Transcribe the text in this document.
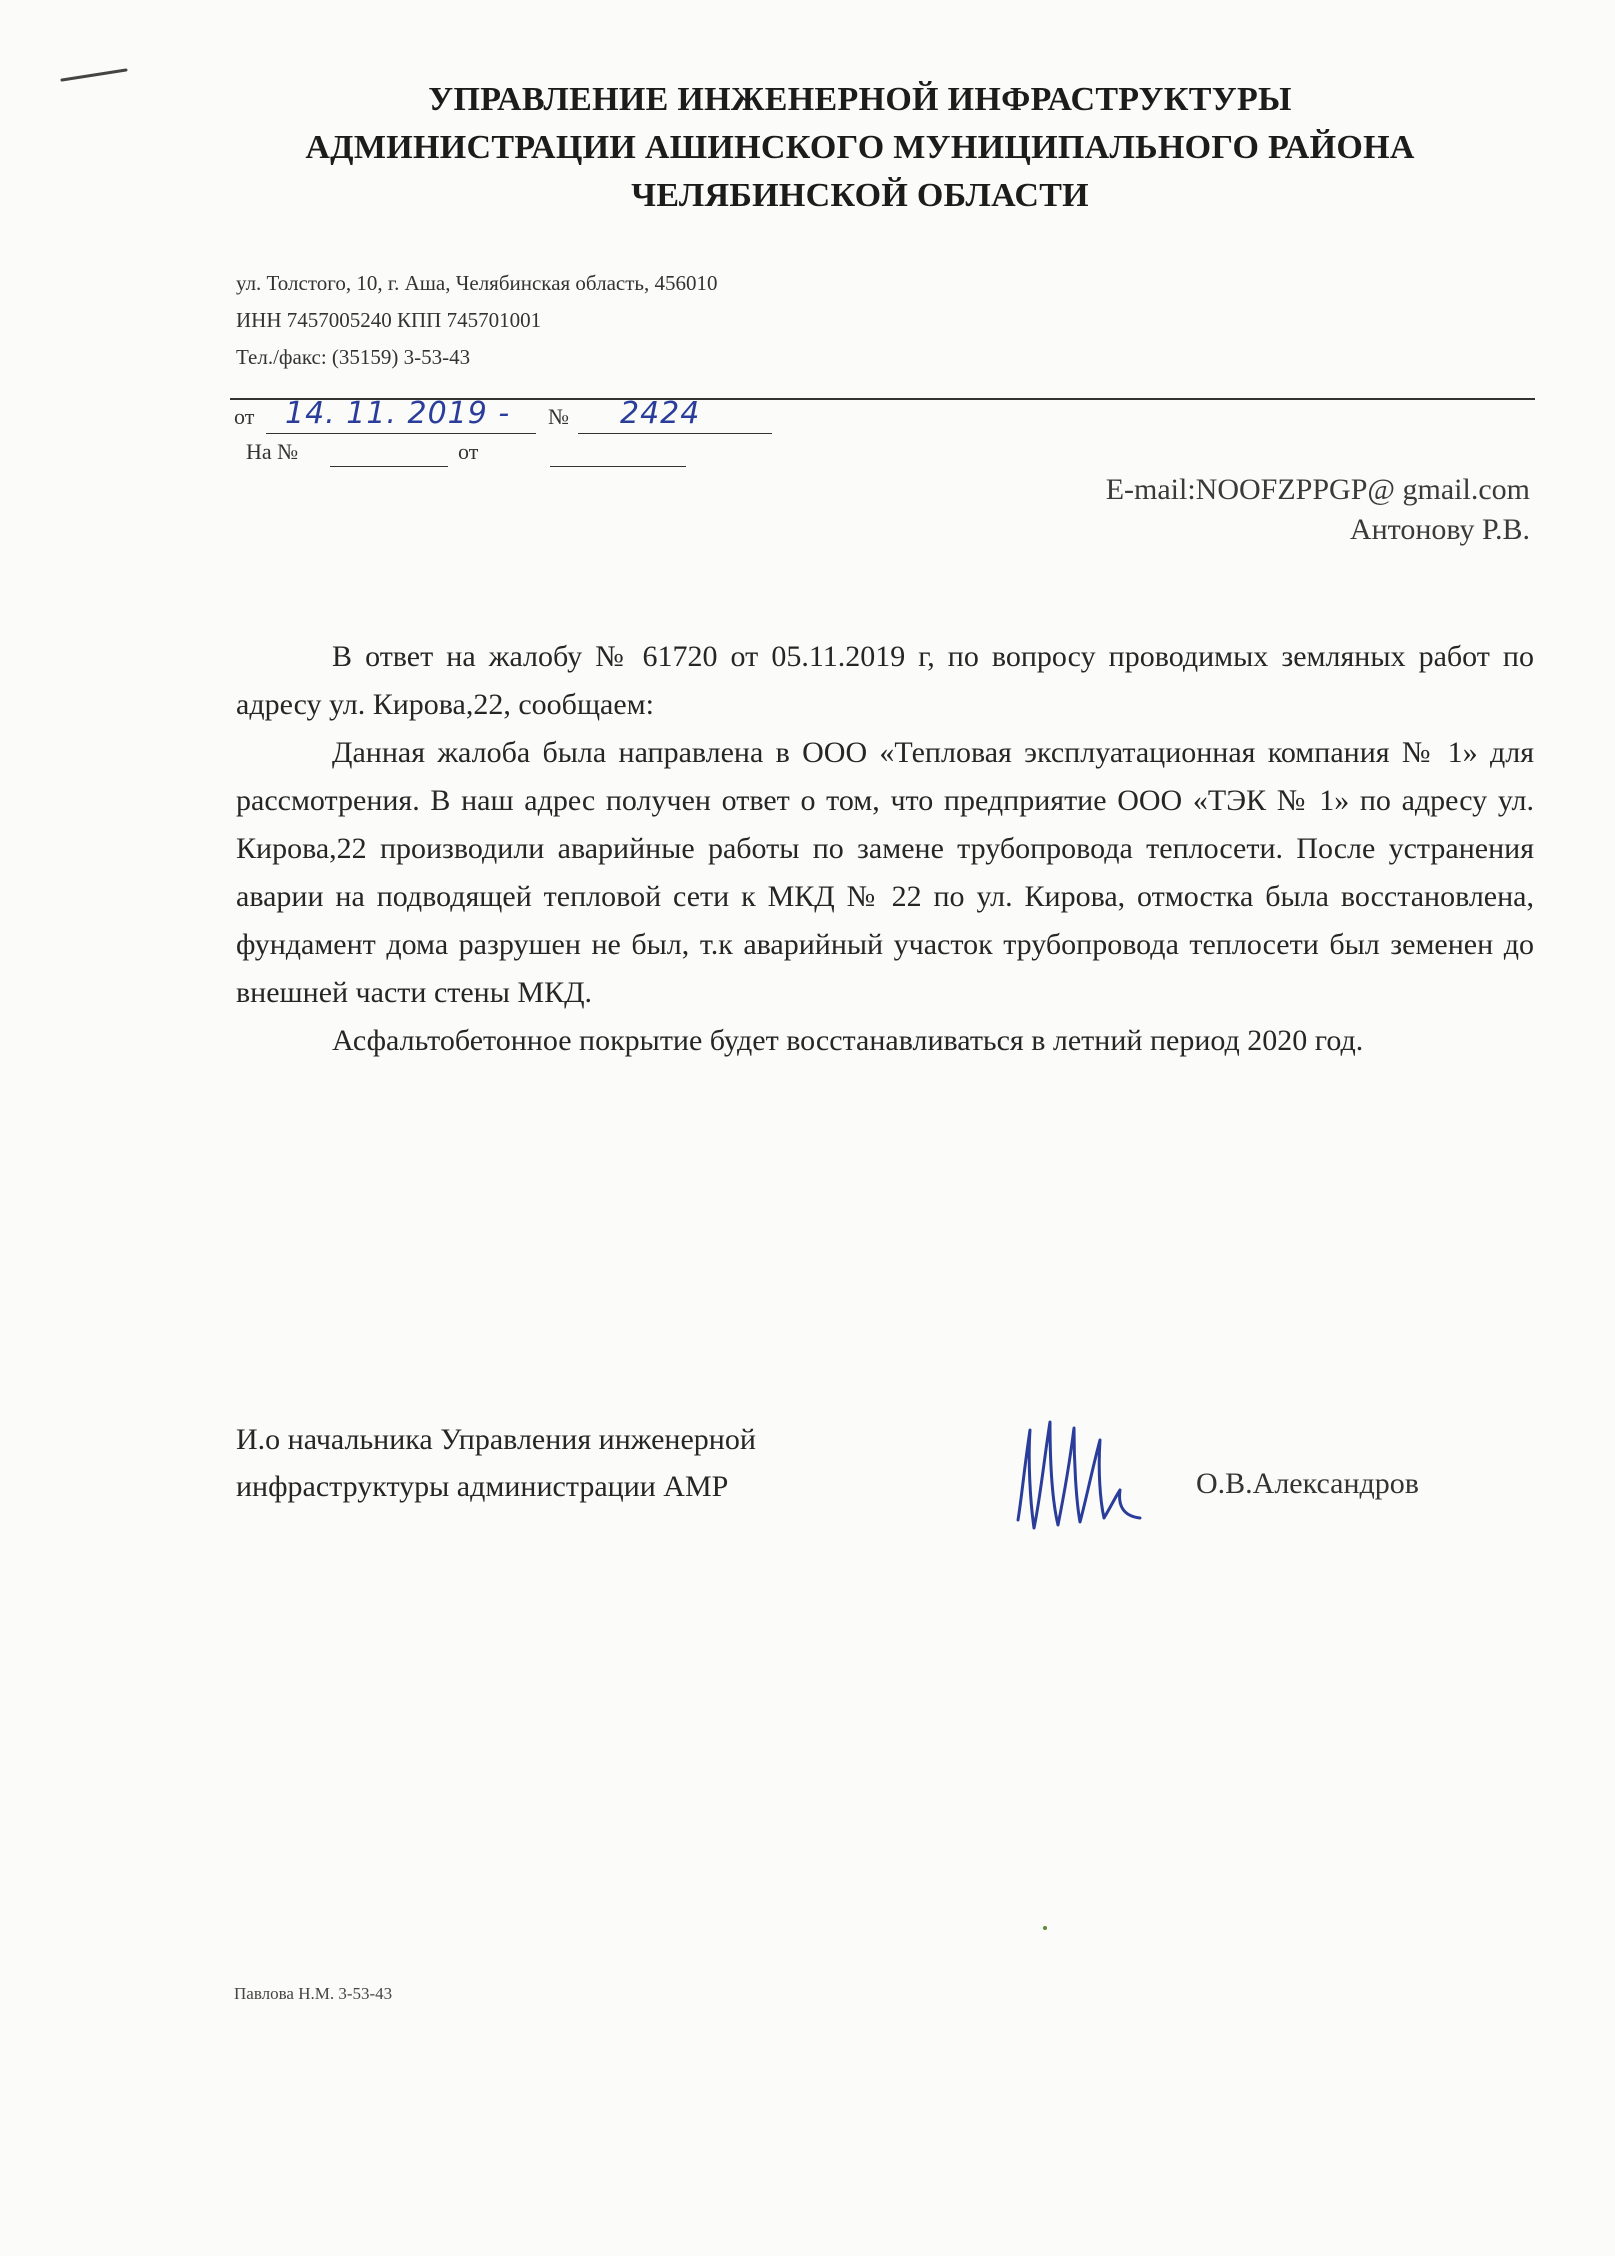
УПРАВЛЕНИЕ ИНЖЕНЕРНОЙ ИНФРАСТРУКТУРЫ
АДМИНИСТРАЦИИ АШИНСКОГО МУНИЦИПАЛЬНОГО РАЙОНА
ЧЕЛЯБИНСКОЙ ОБЛАСТИ
ул. Толстого, 10, г. Аша, Челябинская область, 456010
ИНН 7457005240 КПП 745701001
Тел./факс: (35159) 3-53-43
от 14. 11. 2019 - № 2424
На №	от
E-mail:NOOFZPPGP@ gmail.com
Антонову Р.В.

В ответ на жалобу № 61720 от 05.11.2019 г, по вопросу проводимых земляных работ по адресу ул. Кирова,22, сообщаем:

Данная жалоба была направлена в ООО «Тепловая эксплуатационная компания № 1» для рассмотрения. В наш адрес получен ответ о том, что предприятие ООО «ТЭК № 1» по адресу ул. Кирова,22 производили аварийные работы по замене трубопровода теплосети. После устранения аварии на подводящей тепловой сети к МКД № 22 по ул. Кирова, отмостка была восстановлена, фундамент дома разрушен не был, т.к аварийный участок трубопровода теплосети был земенен до внешней части стены МКД.

Асфальтобетонное покрытие будет восстанавливаться в летний период 2020 год.

И.о начальника Управления инженерной
инфраструктуры администрации АМР	О.В.Александров
Павлова Н.М. 3-53-43
